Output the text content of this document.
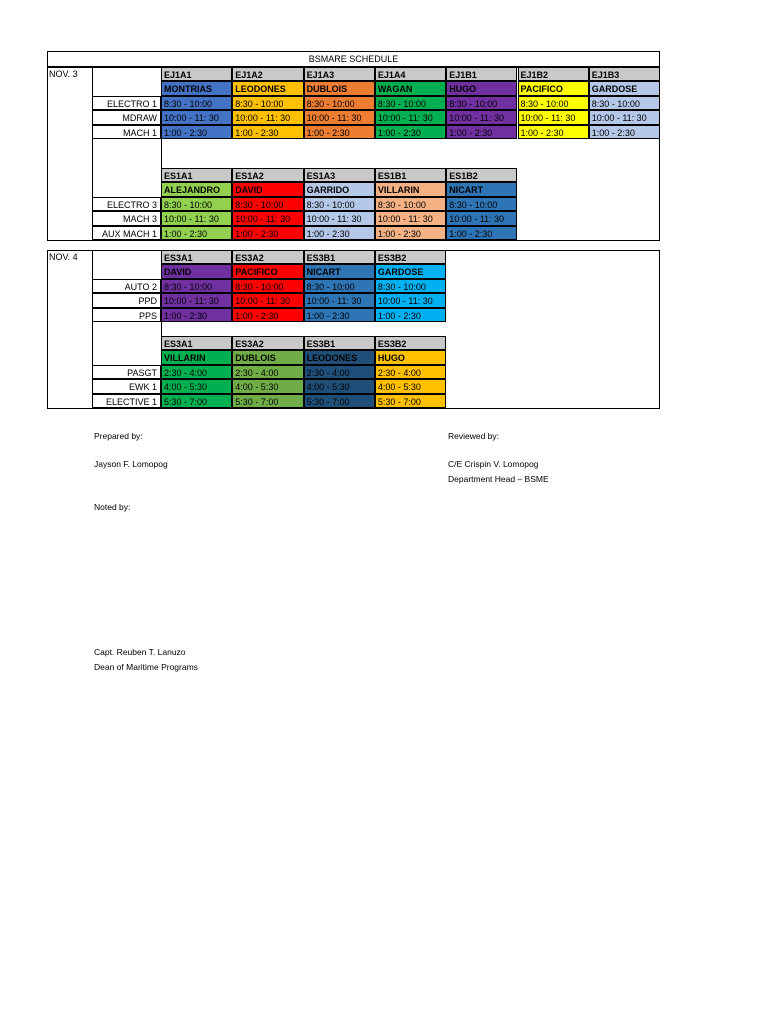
BSMARE SCHEDULE
NOV. 3	EJ1A1	EJ1A2	EJ1A3	EJ1A4	EJ1B1	EJ1B2	EJ1B3
MONTRIAS	LEODONES	DUBLOIS	WAGAN	HUGO	PACIFICO	GARDOSE
ELECTRO 1 8:30 - 10:00	8:30 - 10:00	8:30 - 10:00	8:30 - 10:00	8:30 - 10:00	8:30 - 10:00	8:30 - 10:00
MDRAW 10:00 - 11: 30	10:00 - 11: 30	10:00 - 11: 30	10:00 - 11: 30	10:00 - 11: 30	10:00 - 11: 30	10:00 - 11: 30
MACH 1 1:00 - 2:30	1:00 - 2:30	1:00 - 2:30	1:00 - 2:30	1:00 - 2:30	1:00 - 2:30	1:00 - 2:30
ES1A1	ES1A2	ES1A3	ES1B1	ES1B2
ALEJANDRO	DAVID	GARRIDO	VILLARIN	NICART
ELECTRO 3 8:30 - 10:00	8:30 - 10:00	8:30 - 10:00	8:30 - 10:00	8:30 - 10:00
MACH 3 10:00 - 11: 30	10:00 - 11: 30	10:00 - 11: 30	10:00 - 11: 30	10:00 - 11: 30
AUX MACH 1 1:00 - 2:30	1:00 - 2:30	1:00 - 2:30	1:00 - 2:30	1:00 - 2:30
NOV. 4	ES3A1	ES3A2	ES3B1	ES3B2
DAVID	PACIFICO	NICART	GARDOSE
AUTO 2 8:30 - 10:00	8:30 - 10:00	8:30 - 10:00	8:30 - 10:00
PPD 10:00 - 11: 30	10:00 - 11: 30	10:00 - 11: 30	10:00 - 11: 30
PPS 1:00 - 2:30	1:00 - 2:30	1:00 - 2:30	1:00 - 2:30
ES3A1	ES3A2	ES3B1	ES3B2
VILLARIN	DUBLOIS	LEODONES	HUGO
PASGT 2:30 - 4:00	2:30 - 4:00	2:30 - 4:00	2:30 - 4:00
EWK 1 4:00 - 5:30	4:00 - 5:30	4:00 - 5:30	4:00 - 5:30
ELECTIVE 1 5:30 - 7:00	5:30 - 7:00	5:30 - 7:00	5:30 - 7:00
Prepared by:
Jayson F. Lomopog
Reviewed by:
C/E Crispin V. Lomopog
Department Head – BSME
Noted by:
Capt. Reuben T. Lanuzo
Dean of Maritime Programs
